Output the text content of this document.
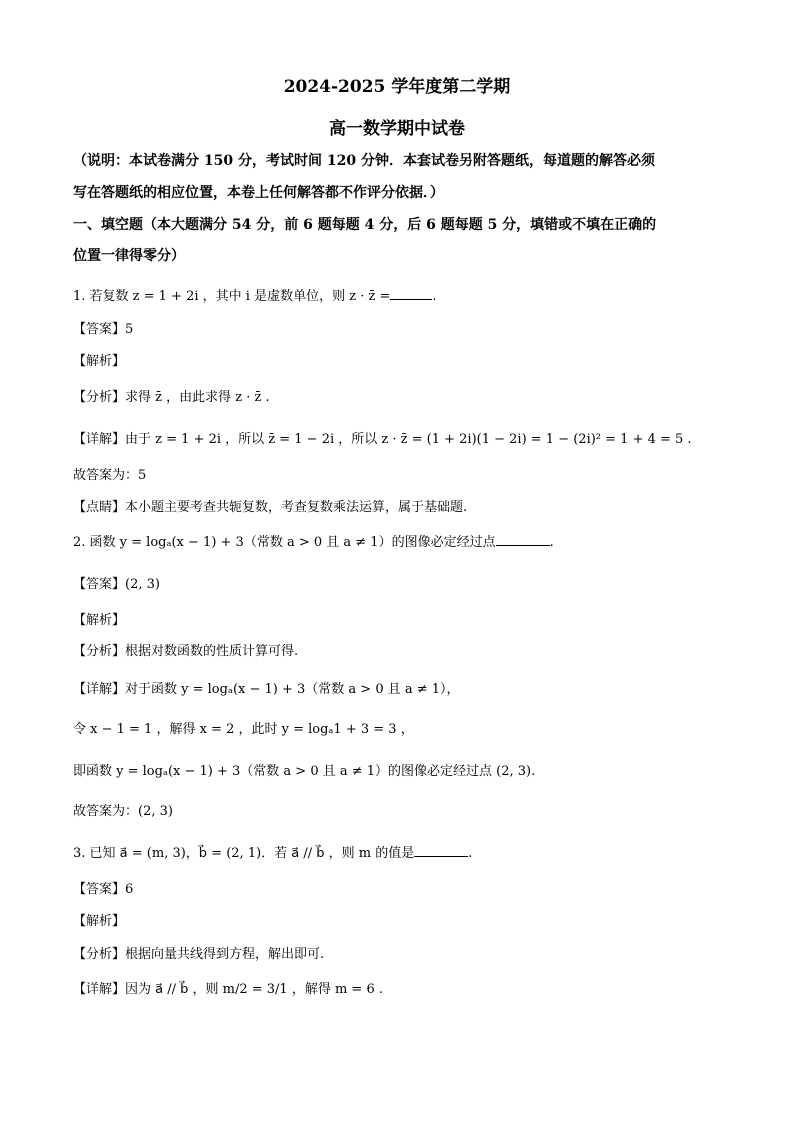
2024-2025 学年度第二学期
高一数学期中试卷
（说明：本试卷满分 150 分，考试时间 120 分钟．本套试卷另附答题纸，每道题的解答必须
写在答题纸的相应位置，本卷上任何解答都不作评分依据．）
一、填空题（本大题满分 54 分，前 6 题每题 4 分，后 6 题每题 5 分，填错或不填在正确的
位置一律得零分）
1. 若复数 z = 1 + 2i ，其中 i 是虚数单位，则 z · z̄ =	.
【答案】5
【解析】
【分析】求得 z̄ ，由此求得 z · z̄ .
【详解】由于 z = 1 + 2i ，所以 z̄ = 1 − 2i ，所以 z · z̄ = (1 + 2i)(1 − 2i) = 1 − (2i)² = 1 + 4 = 5 .
故答案为：5
【点睛】本小题主要考查共轭复数，考查复数乘法运算，属于基础题.
2. 函数 y = logₐ(x − 1) + 3（常数 a > 0 且 a ≠ 1）的图像必定经过点	.
【答案】(2, 3)
【解析】
【分析】根据对数函数的性质计算可得.
【详解】对于函数 y = logₐ(x − 1) + 3（常数 a > 0 且 a ≠ 1），
令 x − 1 = 1 ，解得 x = 2 ，此时 y = logₐ1 + 3 = 3 ，
即函数 y = logₐ(x − 1) + 3（常数 a > 0 且 a ≠ 1）的图像必定经过点 (2, 3).
故答案为：(2, 3)
3. 已知 a⃗ = (m, 3)，b⃗ = (2, 1)．若 a⃗ // b⃗ ，则 m 的值是	.
【答案】6
【解析】
【分析】根据向量共线得到方程，解出即可.
【详解】因为 a⃗ // b⃗ ，则 m/2 = 3/1 ，解得 m = 6 .
